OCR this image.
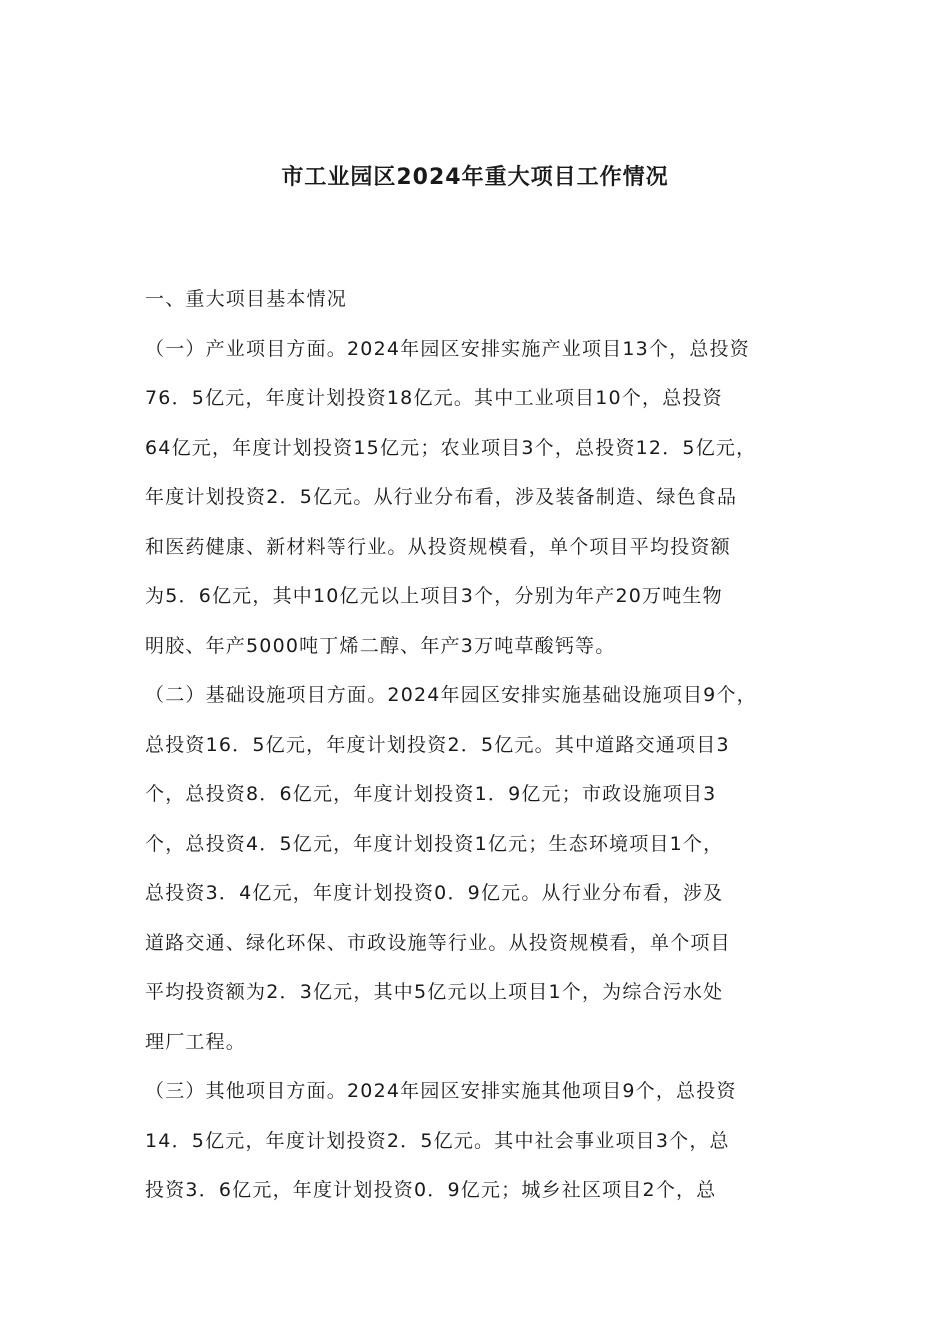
市工业园区2024年重大项目工作情况
一、重大项目基本情况
（一）产业项目方面。2024年园区安排实施产业项目13个，总投资
76．5亿元，年度计划投资18亿元。其中工业项目10个，总投资
64亿元，年度计划投资15亿元；农业项目3个，总投资12．5亿元，
年度计划投资2．5亿元。从行业分布看，涉及装备制造、绿色食品
和医药健康、新材料等行业。从投资规模看，单个项目平均投资额
为5．6亿元，其中10亿元以上项目3个，分别为年产20万吨生物
明胶、年产5000吨丁烯二醇、年产3万吨草酸钙等。
（二）基础设施项目方面。2024年园区安排实施基础设施项目9个，
总投资16．5亿元，年度计划投资2．5亿元。其中道路交通项目3
个，总投资8．6亿元，年度计划投资1．9亿元；市政设施项目3
个，总投资4．5亿元，年度计划投资1亿元；生态环境项目1个，
总投资3．4亿元，年度计划投资0．9亿元。从行业分布看，涉及
道路交通、绿化环保、市政设施等行业。从投资规模看，单个项目
平均投资额为2．3亿元，其中5亿元以上项目1个，为综合污水处
理厂工程。
（三）其他项目方面。2024年园区安排实施其他项目9个，总投资
14．5亿元，年度计划投资2．5亿元。其中社会事业项目3个，总
投资3．6亿元，年度计划投资0．9亿元；城乡社区项目2个，总
